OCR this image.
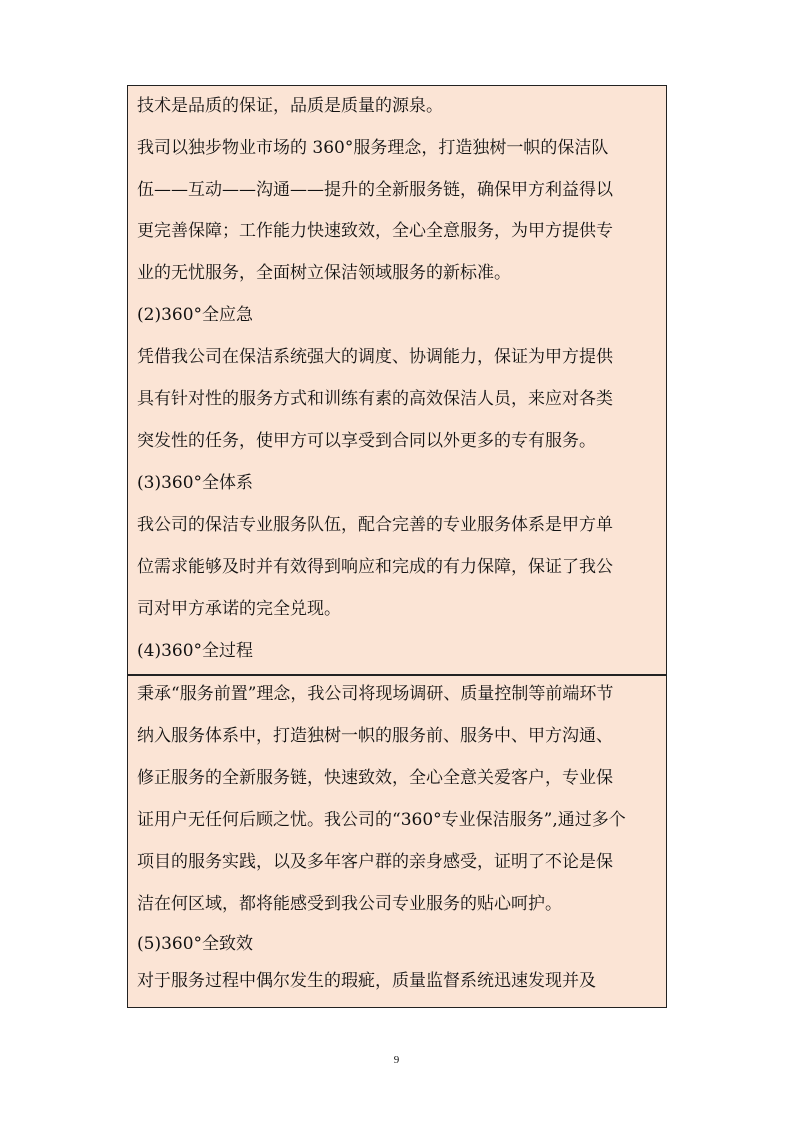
技术是品质的保证，品质是质量的源泉。
我司以独步物业市场的 360°服务理念，打造独树一帜的保洁队
伍——互动——沟通——提升的全新服务链，确保甲方利益得以
更完善保障；工作能力快速致效，全心全意服务，为甲方提供专
业的无忧服务，全面树立保洁领域服务的新标准。
(2)360°全应急
凭借我公司在保洁系统强大的调度、协调能力，保证为甲方提供
具有针对性的服务方式和训练有素的高效保洁人员，来应对各类
突发性的任务，使甲方可以享受到合同以外更多的专有服务。
(3)360°全体系
我公司的保洁专业服务队伍，配合完善的专业服务体系是甲方单
位需求能够及时并有效得到响应和完成的有力保障，保证了我公
司对甲方承诺的完全兑现。
(4)360°全过程
秉承“服务前置”理念，我公司将现场调研、质量控制等前端环节
纳入服务体系中，打造独树一帜的服务前、服务中、甲方沟通、
修正服务的全新服务链，快速致效，全心全意关爱客户，专业保
证用户无任何后顾之忧。我公司的“360°专业保洁服务”,通过多个
项目的服务实践，以及多年客户群的亲身感受，证明了不论是保
洁在何区域，都将能感受到我公司专业服务的贴心呵护。
(5)360°全致效
对于服务过程中偶尔发生的瑕疵，质量监督系统迅速发现并及
9
